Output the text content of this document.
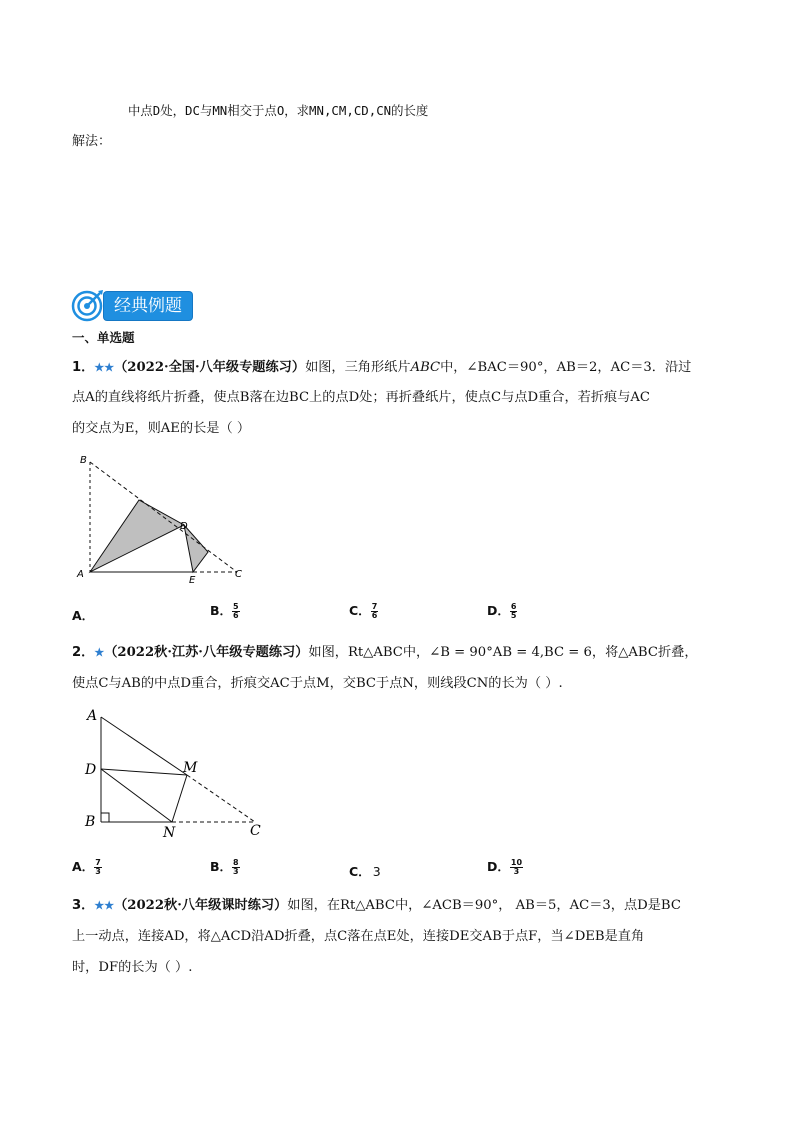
中点D处，DC与MN相交于点O，求MN,CM,CD,CN的长度
解法：
经典例题
一、单选题
1．★★（2022·全国·八年级专题练习）如图，三角形纸片ABC中，∠BAC＝90°，AB＝2，AC＝3．沿过
点A的直线将纸片折叠，使点B落在边BC上的点D处；再折叠纸片，使点C与点D重合，若折痕与AC
的交点为E，则AE的长是（ ）
B
D
A
E
C
A．	B． $\frac{5}{6}$	C． $\frac{7}{6}$	D． $\frac{6}{5}$
2．★（2022秋·江苏·八年级专题练习）如图，Rt△ABC中，∠B = 90°AB = 4,BC = 6，将△ABC折叠，
使点C与AB的中点D重合，折痕交AC于点M，交BC于点N，则线段CN的长为（ ）.
A
D	M
B
N	C
A． $\frac{7}{3}$	B． $\frac{8}{3}$	C． 3	D． $\frac{10}{3}$
3．★★（2022秋·八年级课时练习）如图，在Rt△ABC中，∠ACB＝90°， AB＝5，AC＝3，点D是BC
上一动点，连接AD，将△ACD沿AD折叠，点C落在点E处，连接DE交AB于点F，当∠DEB是直角
时，DF的长为（ ）.
